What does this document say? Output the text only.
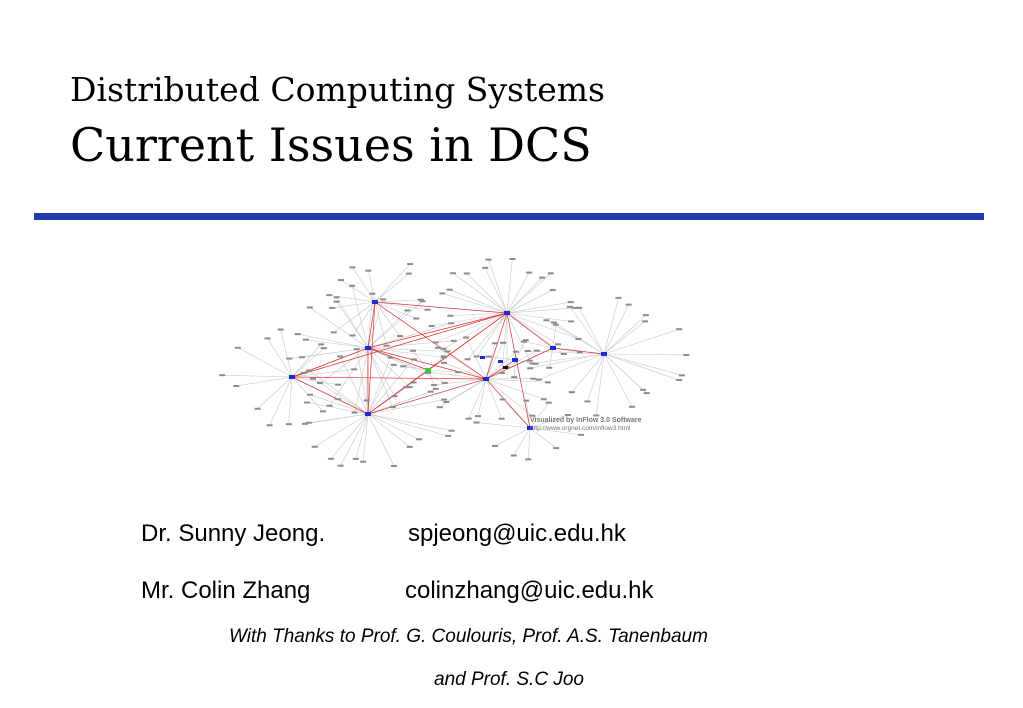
Distributed Computing Systems
Current Issues in DCS
Visualized by InFlow 3.0 Software
http://www.orgnet.com/inflow3.html
Dr. Sunny Jeong.	spjeong@uic.edu.hk
Mr. Colin Zhang	colinzhang@uic.edu.hk
With Thanks to Prof. G. Coulouris, Prof. A.S. Tanenbaum
and Prof. S.C Joo
